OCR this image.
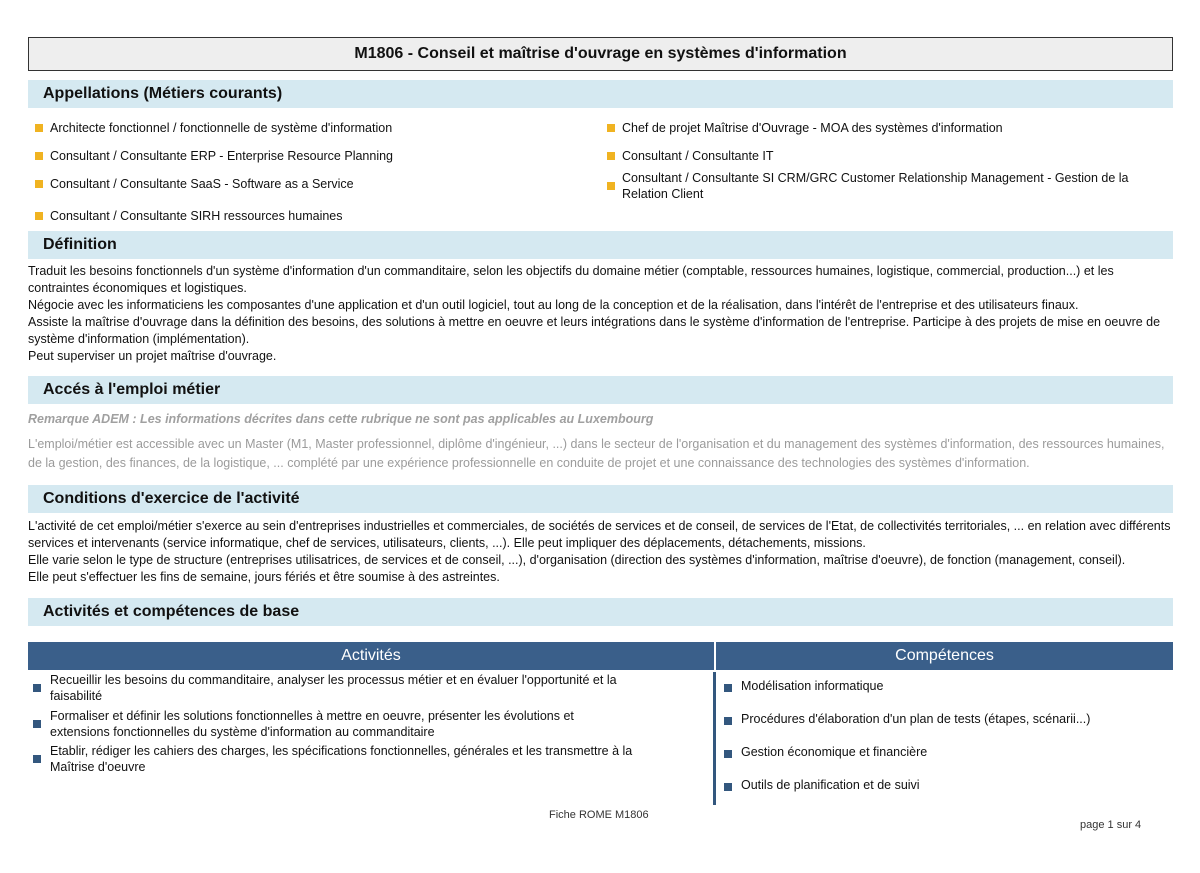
M1806 - Conseil et maîtrise d'ouvrage en systèmes d'information
Appellations (Métiers courants)
Architecte fonctionnel / fonctionnelle de système d'information
Consultant / Consultante ERP - Enterprise Resource Planning
Consultant / Consultante SaaS - Software as a Service
Consultant / Consultante SIRH ressources humaines
Chef de projet Maîtrise d'Ouvrage - MOA des systèmes d'information
Consultant / Consultante IT
Consultant / Consultante SI CRM/GRC Customer Relationship Management - Gestion de la Relation Client
Définition
Traduit les besoins fonctionnels d'un système d'information d'un commanditaire, selon les objectifs du domaine métier (comptable, ressources humaines, logistique, commercial, production...) et les contraintes économiques et logistiques.
Négocie avec les informaticiens les composantes d'une application et d'un outil logiciel, tout au long de la conception et de la réalisation, dans l'intérêt de l'entreprise et des utilisateurs finaux.
Assiste la maîtrise d'ouvrage dans la définition des besoins, des solutions à mettre en oeuvre et leurs intégrations dans le système d'information de l'entreprise. Participe à des projets de mise en oeuvre de système d'information (implémentation).
Peut superviser un projet maîtrise d'ouvrage.
Accés à l'emploi métier
Remarque ADEM : Les informations décrites dans cette rubrique ne sont pas applicables au Luxembourg
L'emploi/métier est accessible avec un Master (M1, Master professionnel, diplôme d'ingénieur, ...) dans le secteur de l'organisation et du management des systèmes d'information, des ressources humaines, de la gestion, des finances, de la logistique, ... complété par une expérience professionnelle en conduite de projet et une connaissance des technologies des systèmes d'information.
Conditions d'exercice de l'activité
L'activité de cet emploi/métier s'exerce au sein d'entreprises industrielles et commerciales, de sociétés de services et de conseil, de services de l'Etat, de collectivités territoriales, ... en relation avec différents services et intervenants (service informatique, chef de services, utilisateurs, clients, ...). Elle peut impliquer des déplacements, détachements, missions.
Elle varie selon le type de structure (entreprises utilisatrices, de services et de conseil, ...), d'organisation (direction des systèmes d'information, maîtrise d'oeuvre), de fonction (management, conseil).
Elle peut s'effectuer les fins de semaine, jours fériés et être soumise à des astreintes.
Activités et compétences de base
Activités	Compétences
Recueillir les besoins du commanditaire, analyser les processus métier et en évaluer l'opportunité et la faisabilité
Formaliser et définir les solutions fonctionnelles à mettre en oeuvre, présenter les évolutions et extensions fonctionnelles du système d'information au commanditaire
Etablir, rédiger les cahiers des charges, les spécifications fonctionnelles, générales et les transmettre à la Maîtrise d'oeuvre
Modélisation informatique
Procédures d'élaboration d'un plan de tests (étapes, scénarii...)
Gestion économique et financière
Outils de planification et de suivi
Fiche ROME M1806
page 1 sur 4
